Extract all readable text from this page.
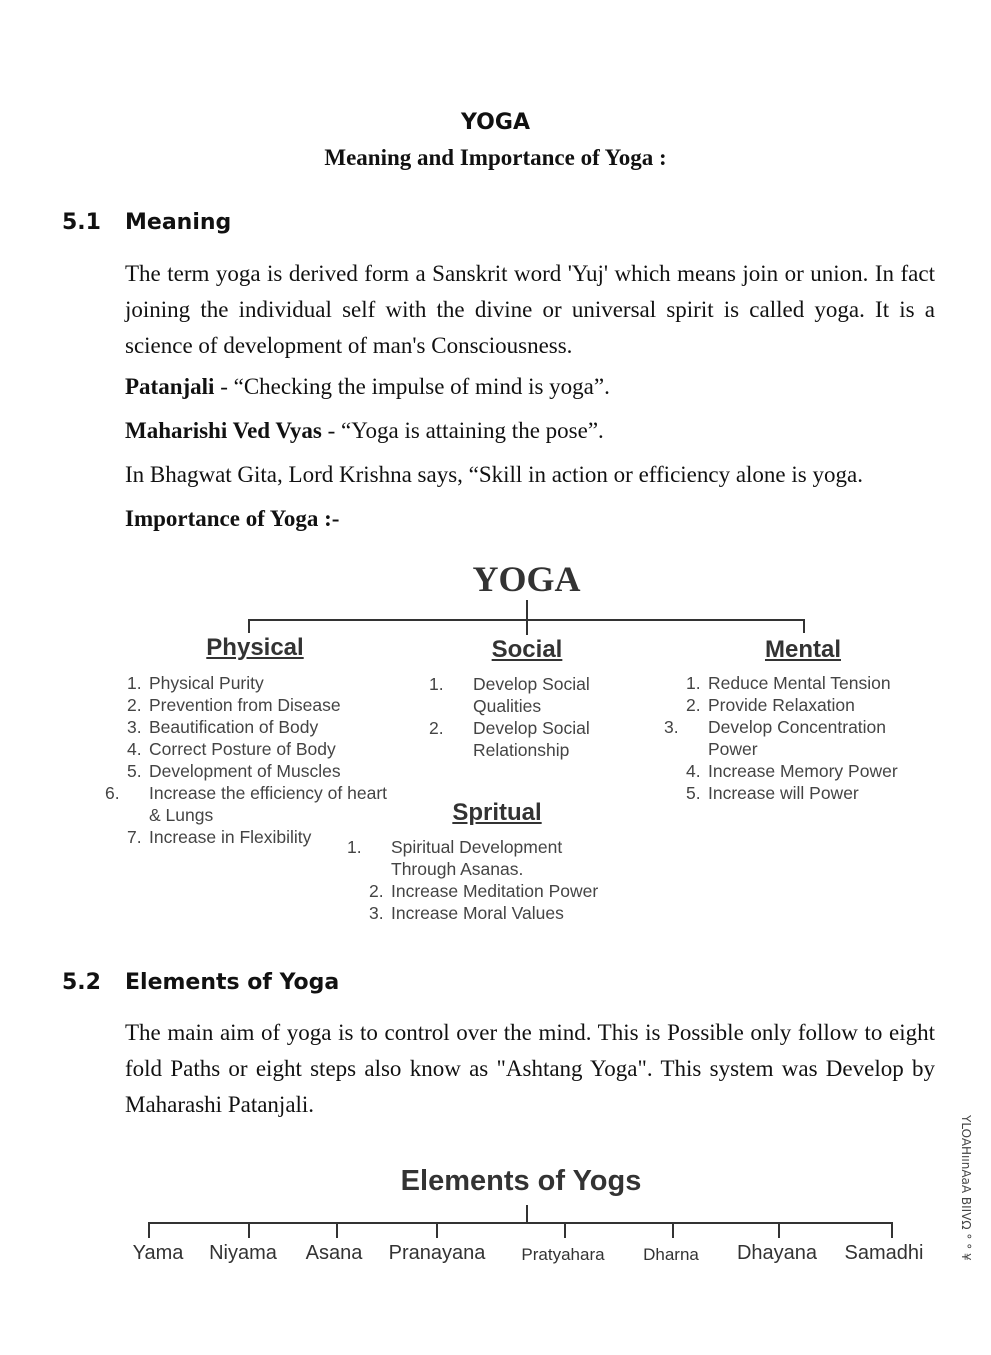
YOGA
Meaning and Importance of Yoga :
5.1 Meaning
The term yoga is derived form a Sanskrit word 'Yuj' which means join or union. In fact joining the individual self with the divine or universal spirit is called yoga. It is a science of development of man's Consciousness.
Patanjali - “Checking the impulse of mind is yoga”.
Maharishi Ved Vyas - “Yoga is attaining the pose”.
In Bhagwat Gita, Lord Krishna says, “Skill in action or efficiency alone is yoga.
Importance of Yoga :-
YOGA
Physical	Social	Mental
1. Physical Purity
2. Prevention from Disease
3. Beautification of Body
4. Correct Posture of Body
5. Development of Muscles
6. Increase the efficiency of heart & Lungs
7. Increase in Flexibility
1. Develop Social Qualities
2. Develop Social Relationship
1. Reduce Mental Tension
2. Provide Relaxation
3. Develop Concentration Power
4. Increase Memory Power
5. Increase will Power
Spritual
1. Spiritual Development Through Asanas.
2. Increase Meditation Power
3. Increase Moral Values
5.2 Elements of Yoga
The main aim of yoga is to control over the mind. This is Possible only follow to eight fold Paths or eight steps also know as "Ashtang Yoga". This system was Develop by Maharashi Patanjali.
Elements of Yogs
Yama	Niyama	Asana	Pranayana	Pratyahara	Dharna	Dhayana	Samadhi	YLOAHıınAaA BIIVΩ ° ° ¥
